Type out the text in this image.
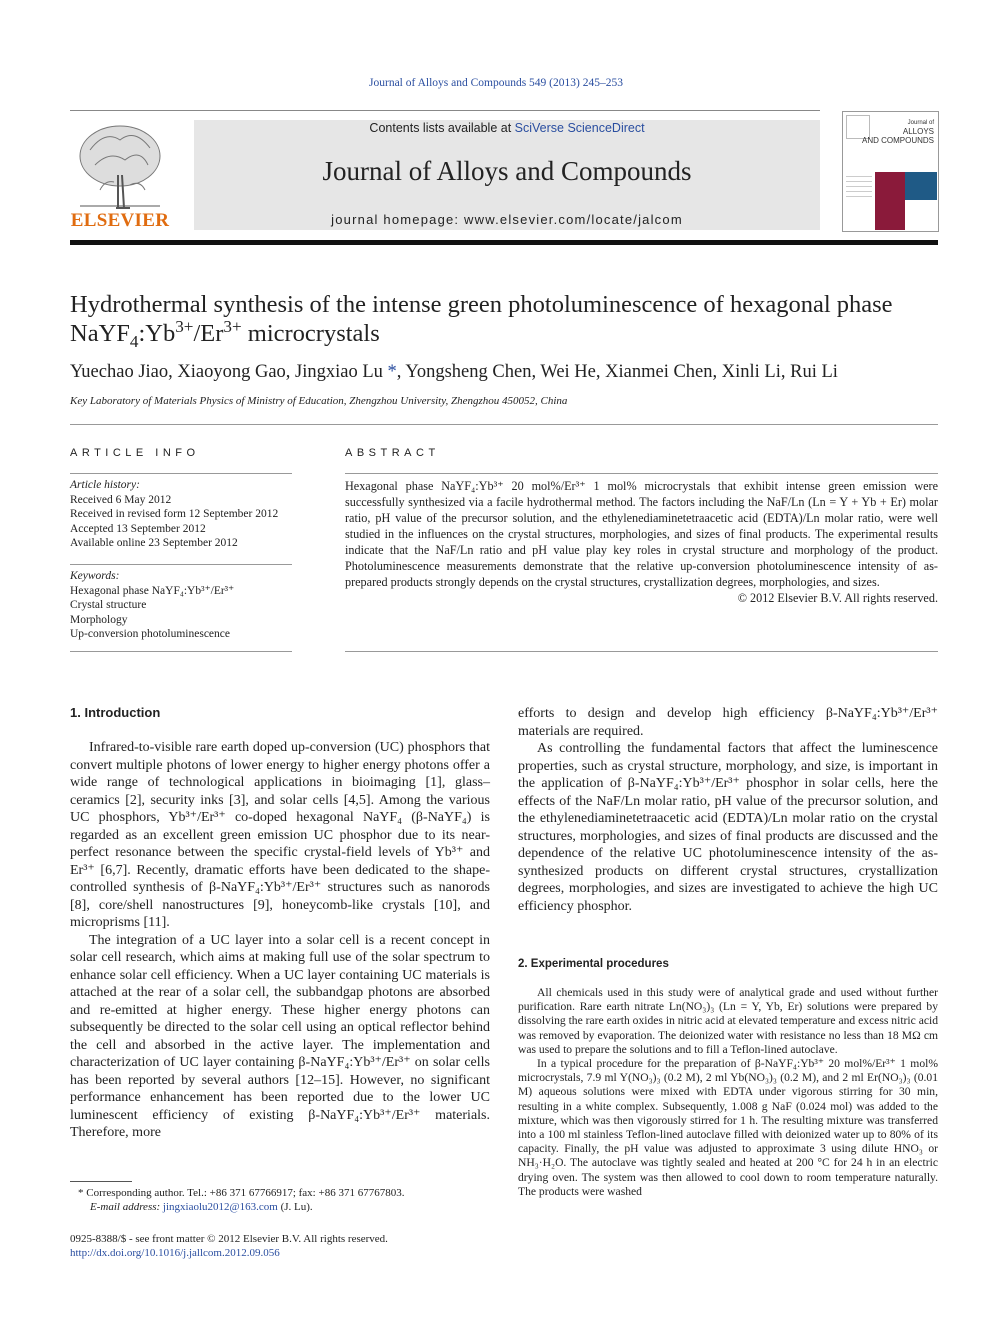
Journal of Alloys and Compounds 549 (2013) 245–253
ELSEVIER
Contents lists available at SciVerse ScienceDirect
Journal of Alloys and Compounds
journal homepage: www.elsevier.com/locate/jalcom
Journal of
ALLOYS
AND COMPOUNDS
Hydrothermal synthesis of the intense green photoluminescence of hexagonal phase
$NaYF_4:Yb^{3+}/Er^{3+}$ microcrystals
Yuechao Jiao, Xiaoyong Gao, Jingxiao Lu *, Yongsheng Chen, Wei He, Xianmei Chen, Xinli Li, Rui Li
Key Laboratory of Materials Physics of Ministry of Education, Zhengzhou University, Zhengzhou 450052, China
ARTICLE INFO
Article history:
Received 6 May 2012
Received in revised form 12 September 2012
Accepted 13 September 2012
Available online 23 September 2012
Keywords:
Hexagonal phase NaYF₄:Yb³⁺/Er³⁺
Crystal structure
Morphology
Up-conversion photoluminescence
ABSTRACT
Hexagonal phase NaYF₄:Yb³⁺ 20 mol%/Er³⁺ 1 mol% microcrystals that exhibit intense green emission were successfully synthesized via a facile hydrothermal method. The factors including the NaF/Ln (Ln = Y + Yb + Er) molar ratio, pH value of the precursor solution, and the ethylenediaminetetraacetic acid (EDTA)/Ln molar ratio, were well studied in the influences on the crystal structures, morphologies, and sizes of final products. The experimental results indicate that the NaF/Ln ratio and pH value play key roles in crystal structure and morphology of the product. Photoluminescence measurements demonstrate that the relative up-conversion photoluminescence intensity of as-prepared products strongly depends on the crystal structures, crystallization degrees, morphologies, and sizes.
© 2012 Elsevier B.V. All rights reserved.
1. Introduction

Infrared-to-visible rare earth doped up-conversion (UC) phosphors that convert multiple photons of lower energy to higher energy photons offer a wide range of technological applications in bioimaging [1], glass–ceramics [2], security inks [3], and solar cells [4,5]. Among the various UC phosphors, Yb³⁺/Er³⁺ co-doped hexagonal NaYF₄ (β-NaYF₄) is regarded as an excellent green emission UC phosphor due to its near-perfect resonance between the specific crystal-field levels of Yb³⁺ and Er³⁺ [6,7]. Recently, dramatic efforts have been dedicated to the shape-controlled synthesis of β-NaYF₄:Yb³⁺/Er³⁺ structures such as nanorods [8], core/shell nanostructures [9], honeycomb-like crystals [10], and microprisms [11].

The integration of a UC layer into a solar cell is a recent concept in solar cell research, which aims at making full use of the solar spectrum to enhance solar cell efficiency. When a UC layer containing UC materials is attached at the rear of a solar cell, the subbandgap photons are absorbed and re-emitted at higher energy. These higher energy photons can subsequently be directed to the solar cell using an optical reflector behind the cell and absorbed in the active layer. The implementation and characterization of UC layer containing β-NaYF₄:Yb³⁺/Er³⁺ on solar cells has been reported by several authors [12–15]. However, no significant performance enhancement has been reported due to the lower UC luminescent efficiency of existing β-NaYF₄:Yb³⁺/Er³⁺ materials. Therefore, more

efforts to design and develop high efficiency β-NaYF₄:Yb³⁺/Er³⁺ materials are required.

As controlling the fundamental factors that affect the luminescence properties, such as crystal structure, morphology, and size, is important in the application of β-NaYF₄:Yb³⁺/Er³⁺ phosphor in solar cells, here the effects of the NaF/Ln molar ratio, pH value of the precursor solution, and the ethylenediaminetetraacetic acid (EDTA)/Ln molar ratio on the crystal structures, morphologies, and sizes of final products are discussed and the dependence of the relative UC photoluminescence intensity of the as-synthesized products on different crystal structures, crystallization degrees, morphologies, and sizes are investigated to achieve the high UC efficiency phosphor.

2. Experimental procedures

All chemicals used in this study were of analytical grade and used without further purification. Rare earth nitrate Ln(NO₃)₃ (Ln = Y, Yb, Er) solutions were prepared by dissolving the rare earth oxides in nitric acid at elevated temperature and excess nitric acid was removed by evaporation. The deionized water with resistance no less than 18 MΩ cm was used to prepare the solutions and to fill a Teflon-lined autoclave.

In a typical procedure for the preparation of β-NaYF₄:Yb³⁺ 20 mol%/Er³⁺ 1 mol% microcrystals, 7.9 ml Y(NO₃)₃ (0.2 M), 2 ml Yb(NO₃)₃ (0.2 M), and 2 ml Er(NO₃)₃ (0.01 M) aqueous solutions were mixed with EDTA under vigorous stirring for 30 min, resulting in a white complex. Subsequently, 1.008 g NaF (0.024 mol) was added to the mixture, which was then vigorously stirred for 1 h. The resulting mixture was transferred into a 100 ml stainless Teflon-lined autoclave filled with deionized water up to 80% of its capacity. Finally, the pH value was adjusted to approximate 3 using dilute HNO₃ or NH₃·H₂O. The autoclave was tightly sealed and heated at 200 °C for 24 h in an electric drying oven. The system was then allowed to cool down to room temperature naturally. The products were washed

* Corresponding author. Tel.: +86 371 67766917; fax: +86 371 67767803.
E-mail address: jingxiaolu2012@163.com (J. Lu).
0925-8388/$ - see front matter © 2012 Elsevier B.V. All rights reserved.
http://dx.doi.org/10.1016/j.jallcom.2012.09.056
